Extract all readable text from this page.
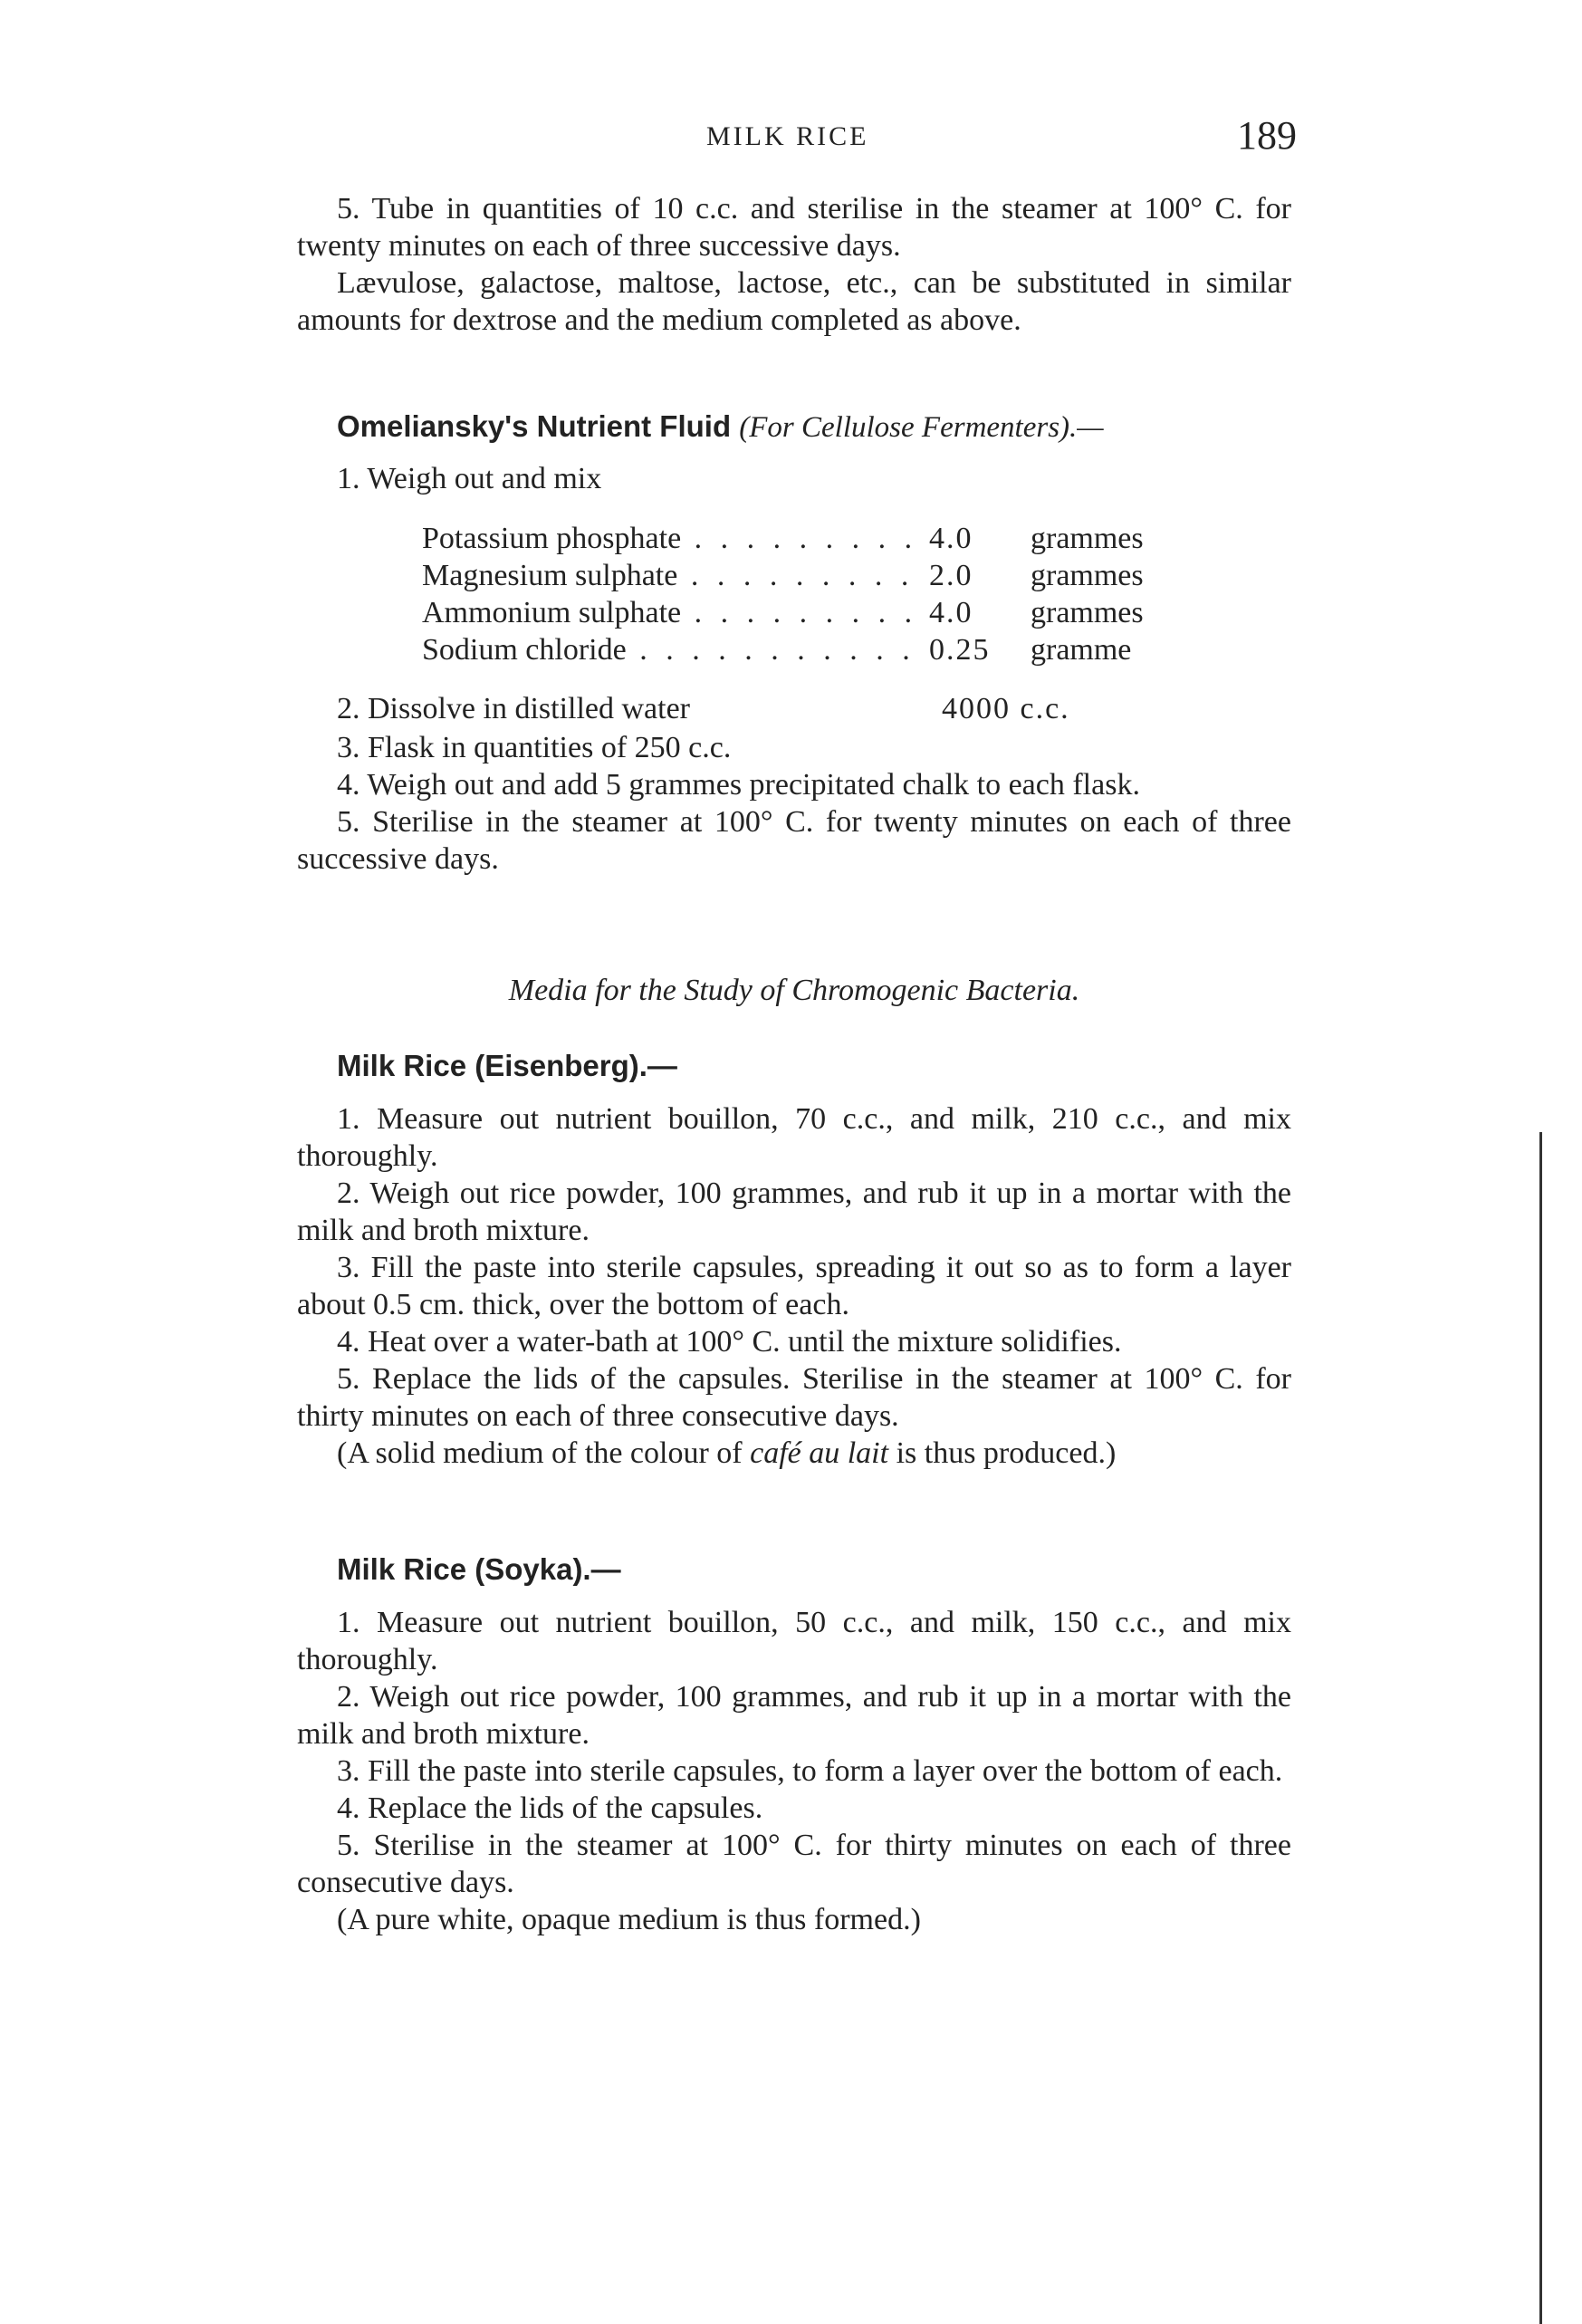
MILK RICE	189

5. Tube in quantities of 10 c.c. and sterilise in the steamer at 100° C. for twenty minutes on each of three successive days.

Lævulose, galactose, maltose, lactose, etc., can be substituted in similar amounts for dextrose and the medium completed as above.

Omeliansky's Nutrient Fluid (For Cellulose Fermenters).—
1. Weigh out and mix
Potassium phosphate . . .	4.0	grammes
Magnesium sulphate . . .	2.0	grammes
Ammonium sulphate . . .	4.0	grammes
Sodium chloride . . .	0.25	gramme
2. Dissolve in distilled water	4000 c.c.

3. Flask in quantities of 250 c.c.

4. Weigh out and add 5 grammes precipitated chalk to each flask.

5. Sterilise in the steamer at 100° C. for twenty minutes on each of three successive days.

Media for the Study of Chromogenic Bacteria.
Milk Rice (Eisenberg).—

1. Measure out nutrient bouillon, 70 c.c., and milk, 210 c.c., and mix thoroughly.

2. Weigh out rice powder, 100 grammes, and rub it up in a mortar with the milk and broth mixture.

3. Fill the paste into sterile capsules, spreading it out so as to form a layer about 0.5 cm. thick, over the bottom of each.

4. Heat over a water-bath at 100° C. until the mixture solidifies.

5. Replace the lids of the capsules. Sterilise in the steamer at 100° C. for thirty minutes on each of three consecutive days.

(A solid medium of the colour of café au lait is thus produced.)

Milk Rice (Soyka).—

1. Measure out nutrient bouillon, 50 c.c., and milk, 150 c.c., and mix thoroughly.

2. Weigh out rice powder, 100 grammes, and rub it up in a mortar with the milk and broth mixture.

3. Fill the paste into sterile capsules, to form a layer over the bottom of each.

4. Replace the lids of the capsules.

5. Sterilise in the steamer at 100° C. for thirty minutes on each of three consecutive days.

(A pure white, opaque medium is thus formed.)
